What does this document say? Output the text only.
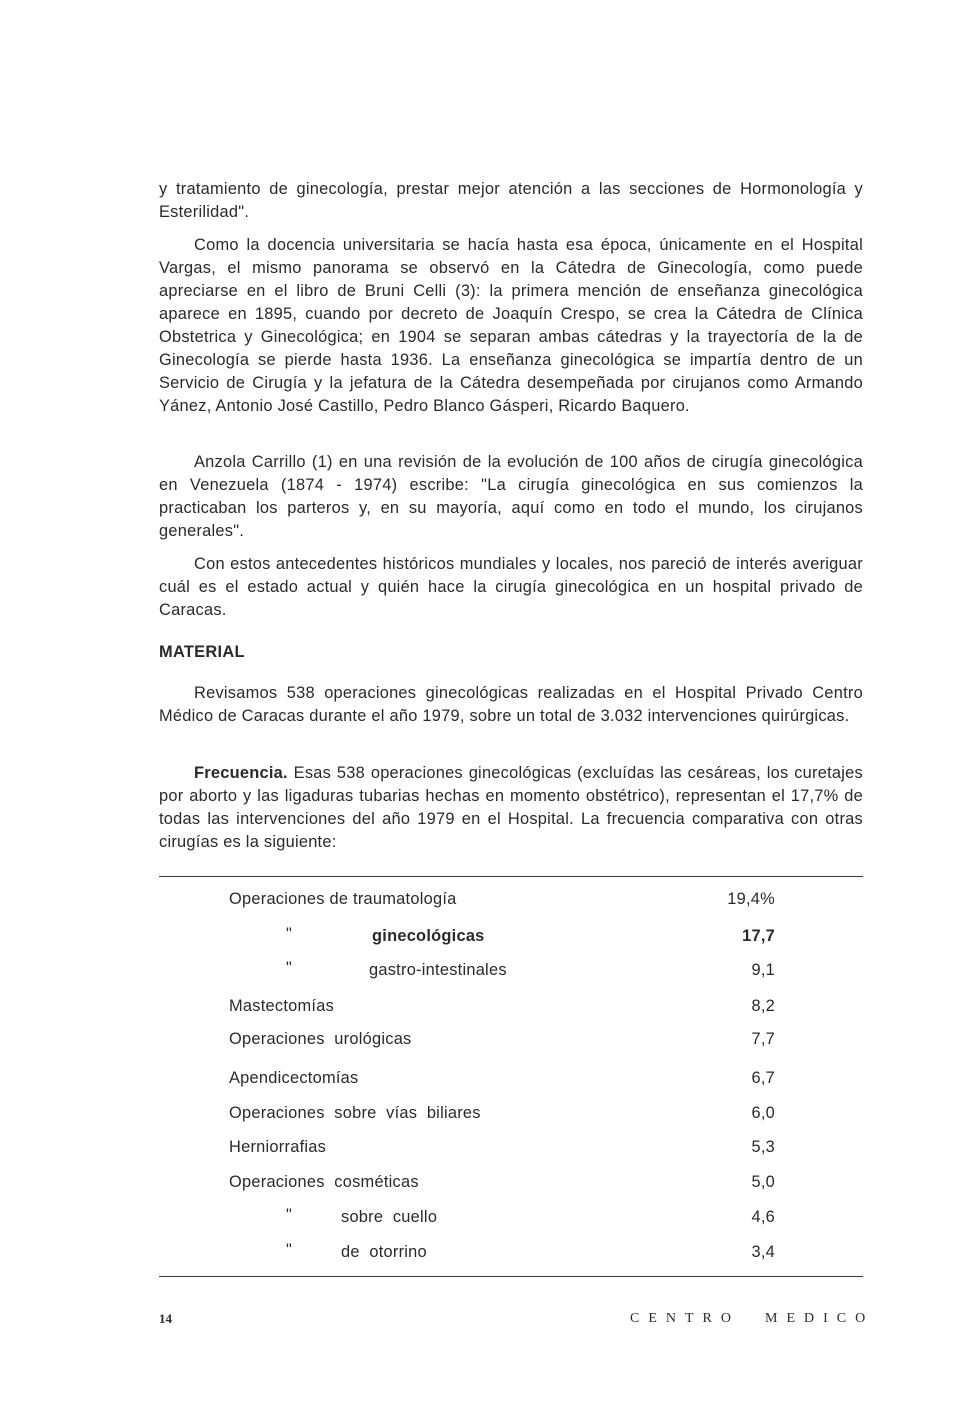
y tratamiento de ginecología, prestar mejor atención a las secciones de Hormonología y Esterilidad".

Como la docencia universitaria se hacía hasta esa época, únicamente en el Hospital Vargas, el mismo panorama se observó en la Cátedra de Ginecología, como puede apreciarse en el libro de Bruni Celli (3): la primera mención de enseñanza ginecológica aparece en 1895, cuando por decreto de Joaquín Crespo, se crea la Cátedra de Clínica Obstetrica y Ginecológica; en 1904 se separan ambas cátedras y la trayectoría de la de Ginecología se pierde hasta 1936. La enseñanza ginecológica se impartía dentro de un Servicio de Cirugía y la jefatura de la Cátedra desempeñada por cirujanos como Armando Yánez, Antonio José Castillo, Pedro Blanco Gásperi, Ricardo Baquero.

Anzola Carrillo (1) en una revisión de la evolución de 100 años de cirugía ginecológica en Venezuela (1874 - 1974) escribe: "La cirugía ginecológica en sus comienzos la practicaban los parteros y, en su mayoría, aquí como en todo el mundo, los cirujanos generales".

Con estos antecedentes históricos mundiales y locales, nos pareció de interés averiguar cuál es el estado actual y quién hace la cirugía ginecológica en un hospital privado de Caracas.

MATERIAL

Revisamos 538 operaciones ginecológicas realizadas en el Hospital Privado Centro Médico de Caracas durante el año 1979, sobre un total de 3.032 intervenciones quirúrgicas.

Frecuencia. Esas 538 operaciones ginecológicas (excluídas las cesáreas, los curetajes por aborto y las ligaduras tubarias hechas en momento obstétrico), representan el 17,7% de todas las intervenciones del año 1979 en el Hospital. La frecuencia comparativa con otras cirugías es la siguiente:

Operaciones de traumatología	19,4%
"	ginecológicas	17,7
"	gastro-intestinales	9,1
Mastectomías	8,2
Operaciones  urológicas	7,7
Apendicectomías	6,7
Operaciones  sobre  vías  biliares	6,0
Herniorrafias	5,3
Operaciones  cosméticas	5,0
"	sobre  cuello	4,6
"	de  otorrino	3,4

14	CENTRO  MEDICO
